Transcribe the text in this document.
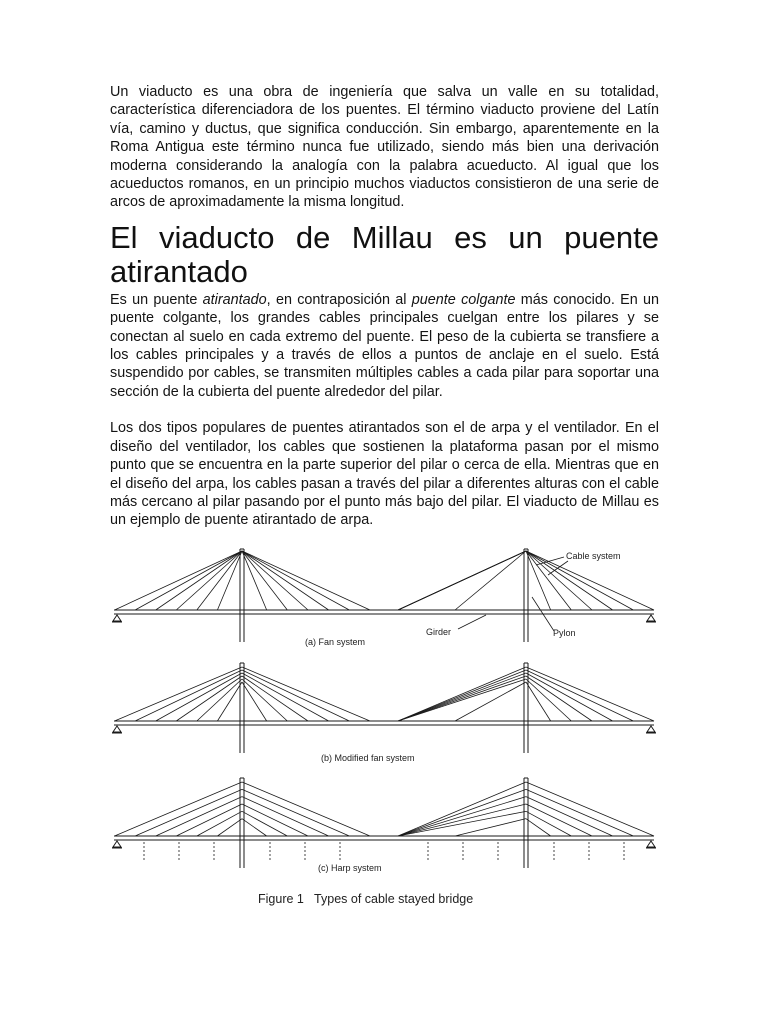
Un viaducto es una obra de ingeniería que salva un valle en su totalidad, característica diferenciadora de los puentes. El término viaducto proviene del Latín vía, camino y ductus, que significa conducción. Sin embargo, aparentemente en la Roma Antigua este término nunca fue utilizado, siendo más bien una derivación moderna considerando la analogía con la palabra acueducto. Al igual que los acueductos romanos, en un principio muchos viaductos consistieron de una serie de arcos de aproximadamente la misma longitud.

El viaducto de Millau es un puente atirantado

Es un puente atirantado, en contraposición al puente colgante más conocido. En un puente colgante, los grandes cables principales cuelgan entre los pilares y se conectan al suelo en cada extremo del puente. El peso de la cubierta se transfiere a los cables principales y a través de ellos a puntos de anclaje en el suelo. Está suspendido por cables, se transmiten múltiples cables a cada pilar para soportar una sección de la cubierta del puente alrededor del pilar.

Los dos tipos populares de puentes atirantados son el de arpa y el ventilador. En el diseño del ventilador, los cables que sostienen la plataforma pasan por el mismo punto que se encuentra en la parte superior del pilar o cerca de ella. Mientras que en el diseño del arpa, los cables pasan a través del pilar a diferentes alturas con el cable más cercano al pilar pasando por el punto más bajo del pilar. El viaducto de Millau es un ejemplo de puente atirantado de arpa.

Cable system
Girder	Pylon
(a) Fan system
(b) Modified fan system
(c) Harp system
Figure 1   Types of cable stayed bridge
